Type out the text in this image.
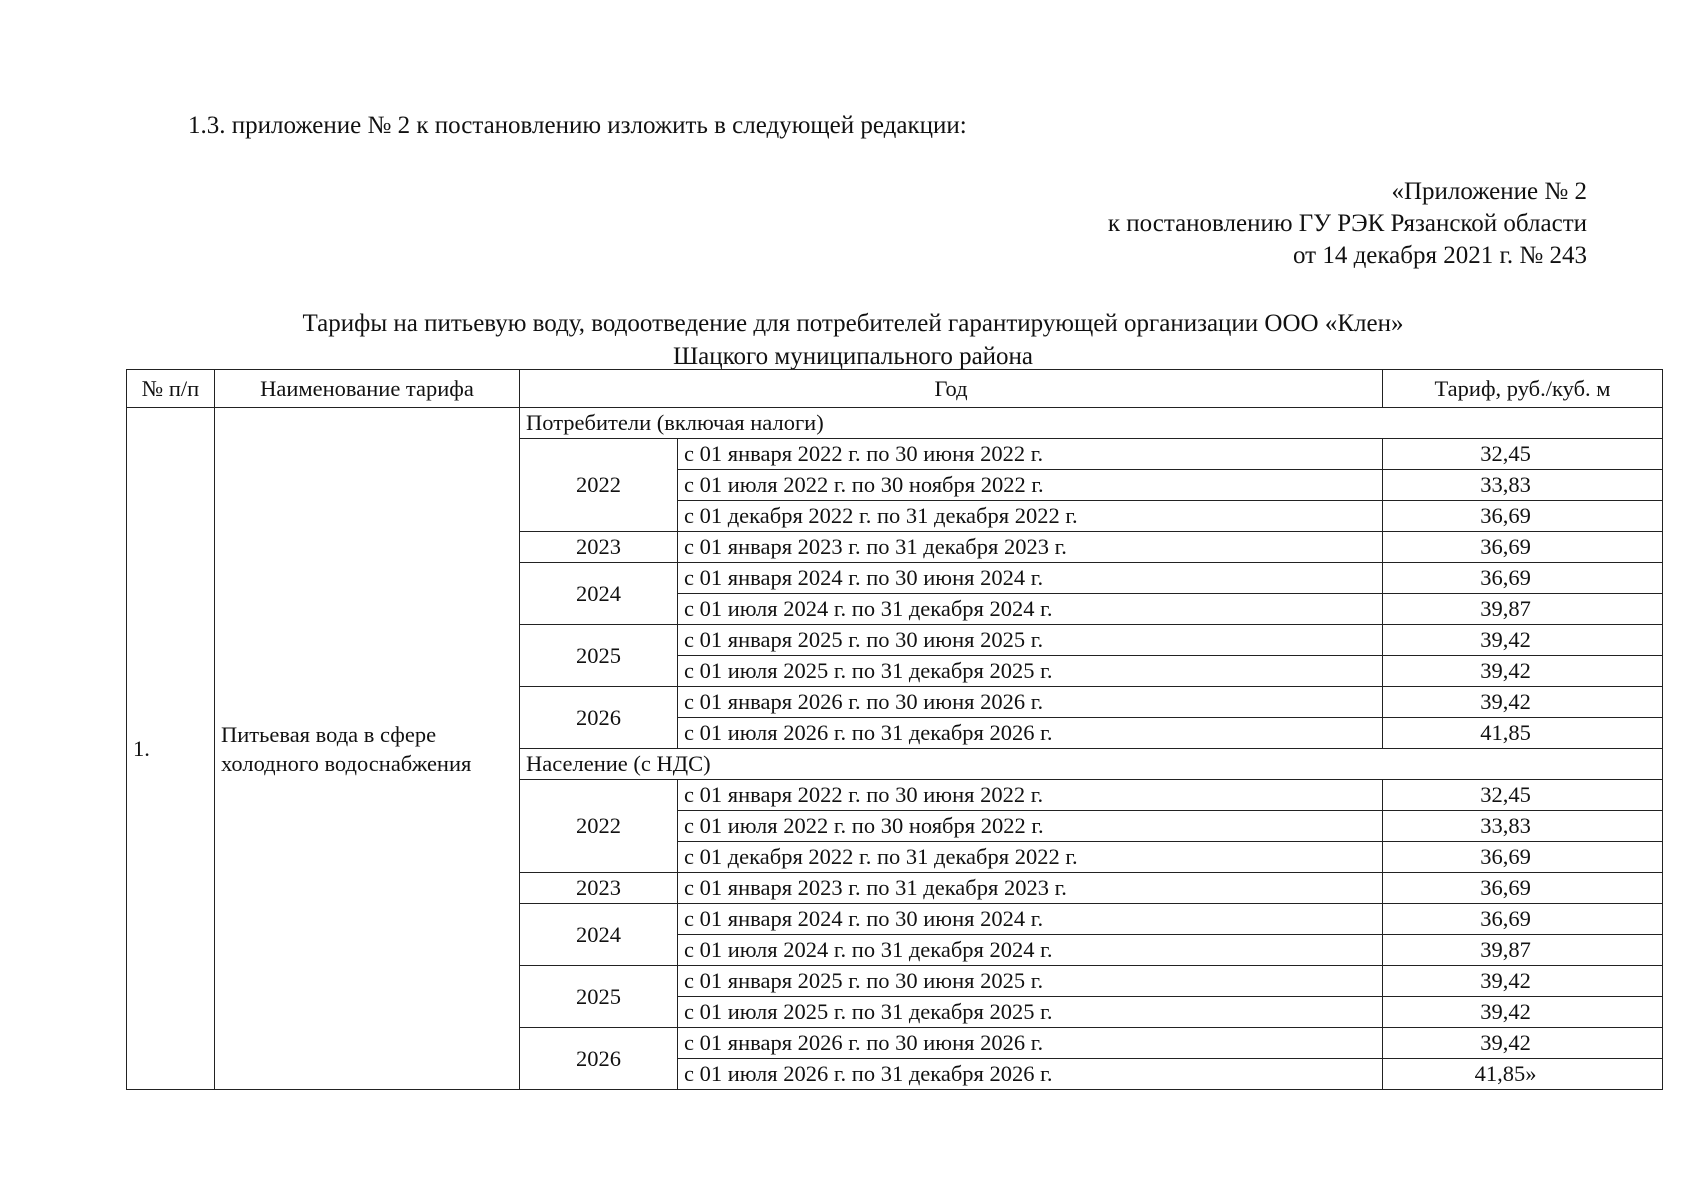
1.3. приложение № 2 к постановлению изложить в следующей редакции:
«Приложение № 2
к постановлению ГУ РЭК Рязанской области
от 14 декабря 2021 г. № 243
Тарифы на питьевую воду, водоотведение для потребителей гарантирующей организации ООО «Клен»
Шацкого муниципального района
№ п/п	Наименование тарифа	Год		Тариф, руб./куб. м
1.	Питьевая вода в сфере холодного водоснабжения	Потребители (включая налоги)		
		2022	с 01 января 2022 г. по 30 июня 2022 г.	32,45
			с 01 июля 2022 г. по 30 ноября 2022 г.	33,83
			с 01 декабря 2022 г. по 31 декабря 2022 г.	36,69
		2023	с 01 января 2023 г. по 31 декабря 2023 г.	36,69
		2024	с 01 января 2024 г. по 30 июня 2024 г.	36,69
			с 01 июля 2024 г. по 31 декабря 2024 г.	39,87
		2025	с 01 января 2025 г. по 30 июня 2025 г.	39,42
			с 01 июля 2025 г. по 31 декабря 2025 г.	39,42
		2026	с 01 января 2026 г. по 30 июня 2026 г.	39,42
			с 01 июля 2026 г. по 31 декабря 2026 г.	41,85
		Население (с НДС)		
		2022	с 01 января 2022 г. по 30 июня 2022 г.	32,45
			с 01 июля 2022 г. по 30 ноября 2022 г.	33,83
			с 01 декабря 2022 г. по 31 декабря 2022 г.	36,69
		2023	с 01 января 2023 г. по 31 декабря 2023 г.	36,69
		2024	с 01 января 2024 г. по 30 июня 2024 г.	36,69
			с 01 июля 2024 г. по 31 декабря 2024 г.	39,87
		2025	с 01 января 2025 г. по 30 июня 2025 г.	39,42
			с 01 июля 2025 г. по 31 декабря 2025 г.	39,42
		2026	с 01 января 2026 г. по 30 июня 2026 г.	39,42
			с 01 июля 2026 г. по 31 декабря 2026 г.	41,85»
